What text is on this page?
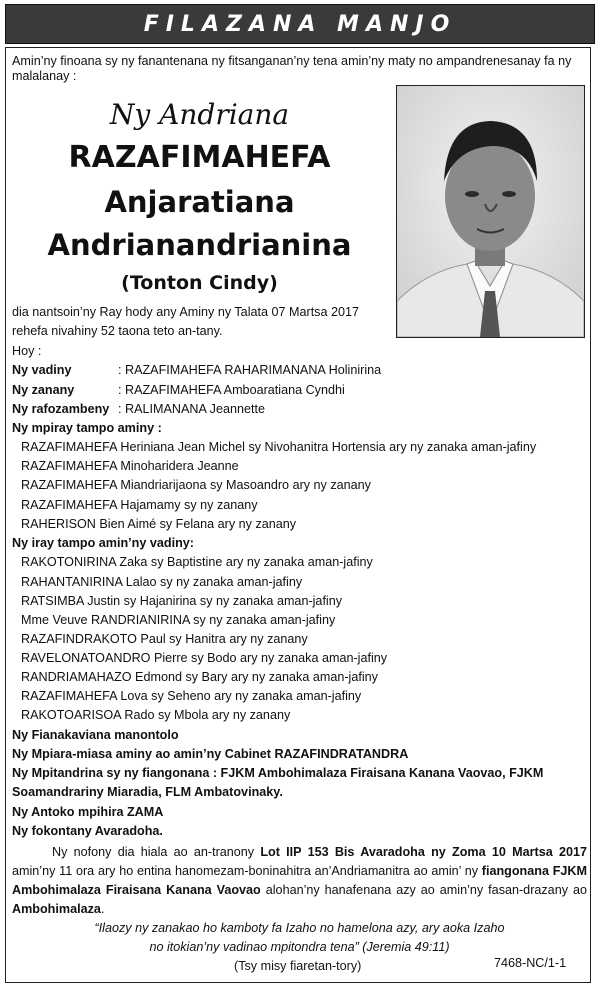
FILAZANA MANJO
Amin’ny finoana sy ny fanantenana ny fitsanganan’ny tena amin’ny maty no ampandrenesanay fa ny malalanay :
Ny Andriana
RAZAFIMAHEFA
Anjaratiana
Andrianandrianina
(Tonton Cindy)
dia nantsoin’ny Ray hody any Aminy ny Talata 07 Martsa 2017
rehefa nivahiny 52 taona teto an-tany.
Hoy :
Ny vadiny	: RAZAFIMAHEFA RAHARIMANANA Holinirina
Ny zanany	: RAZAFIMAHEFA Amboaratiana Cyndhi
Ny rafozambeny : RALIMANANA Jeannette
Ny mpiray tampo aminy :
RAZAFIMAHEFA Heriniana Jean Michel sy Nivohanitra Hortensia ary ny zanaka aman-jafiny
RAZAFIMAHEFA Minoharidera Jeanne
RAZAFIMAHEFA Miandriarijaona sy Masoandro ary ny zanany
RAZAFIMAHEFA Hajamamy sy ny zanany
RAHERISON Bien Aimé sy Felana ary ny zanany
Ny iray tampo amin’ny vadiny:
RAKOTONIRINA Zaka sy Baptistine ary ny zanaka aman-jafiny
RAHANTANIRINA Lalao sy ny zanaka aman-jafiny
RATSIMBA Justin sy Hajanirina sy ny zanaka aman-jafiny
Mme Veuve RANDRIANIRINA sy ny zanaka aman-jafiny
RAZAFINDRAKOTO Paul sy Hanitra ary ny zanany
RAVELONATOANDRO Pierre sy Bodo ary ny zanaka aman-jafiny
RANDRIAMAHAZO Edmond sy Bary ary ny zanaka aman-jafiny
RAZAFIMAHEFA Lova sy Seheno ary ny zanaka aman-jafiny
RAKOTOARISOA Rado sy Mbola ary ny zanany
Ny Fianakaviana manontolo
Ny Mpiara-miasa aminy ao amin’ny Cabinet RAZAFINDRATANDRA
Ny Mpitandrina sy ny fiangonana : FJKM Ambohimalaza Firaisana Kanana Vaovao, FJKM
Soamandrariny Miaradia, FLM Ambatovinaky.
Ny Antoko mpihira ZAMA
Ny fokontany Avaradoha.
Ny nofony dia hiala ao an-tranony Lot IIP 153 Bis Avaradoha ny Zoma 10 Martsa 2017 amin’ny 11 ora ary ho entina hanomezam-boninahitra an’Andriamanitra ao amin’ ny fiangonana FJKM Ambohimalaza Firaisana Kanana Vaovao alohan’ny hanafenana azy ao amin’ny fasan-drazany ao Ambohimalaza.
“Ilaozy ny zanakao ho kamboty fa Izaho no hamelona azy, ary aoka Izaho
no itokian’ny vadinao mpitondra tena” (Jeremia 49:11)
(Tsy misy fiaretan-tory)	7468-NC/1-1
